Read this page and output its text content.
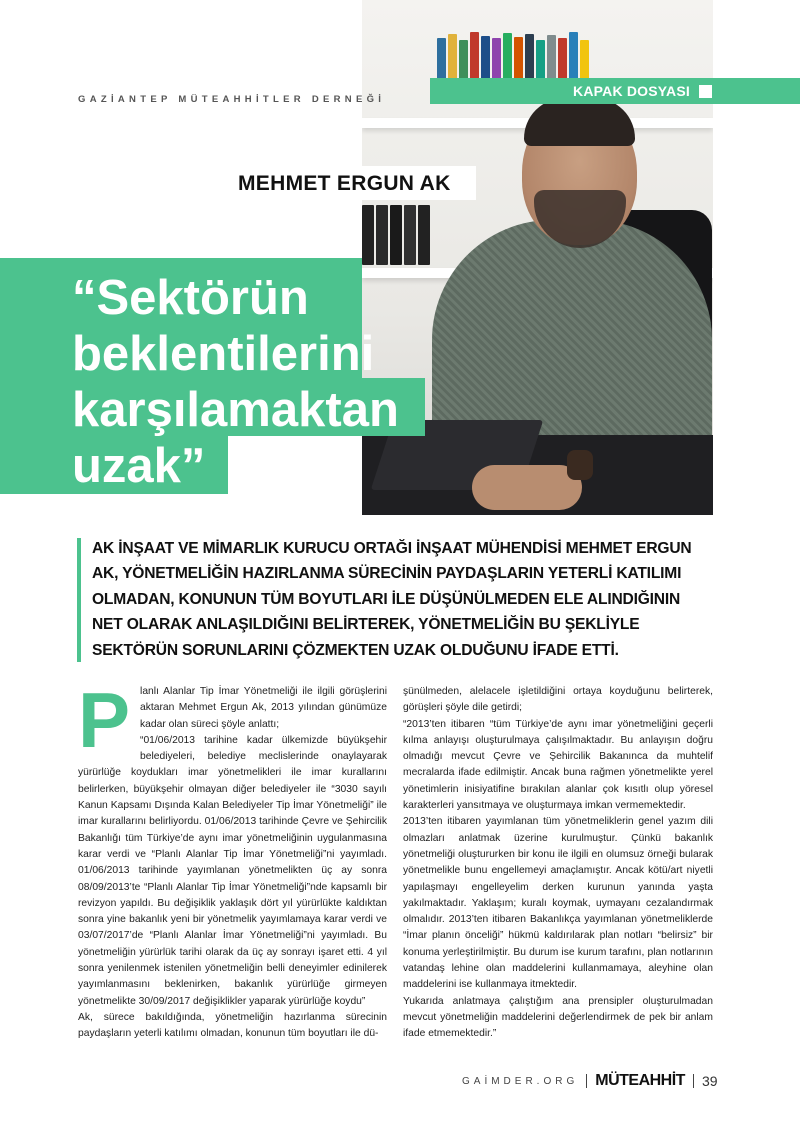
GAZİANTEP MÜTEAHHİTLER DERNEĞİ
KAPAK DOSYASI
MEHMET ERGUN AK
“Sektörün beklentilerini karşılamaktan uzak”
AK İNŞAAT VE MİMARLIK KURUCU ORTAĞI İNŞAAT MÜHENDİSİ MEHMET ERGUN AK, YÖNETMELİĞİN HAZIRLANMA SÜRECİNİN PAYDAŞLARIN YETERLİ KATILIMI OLMADAN, KONUNUN TÜM BOYUTLARI İLE DÜŞÜNÜLMEDEN ELE ALINDIĞININ NET OLARAK ANLAŞILDIĞINI BELİRTEREK, YÖNETMELİĞİN BU ŞEKLİYLE SEKTÖRÜN SORUNLARINI ÇÖZMEKTEN UZAK OLDUĞUNU İFADE ETTİ.
P lanlı Alanlar Tip İmar Yönetmeliği ile ilgili görüşlerini aktaran Mehmet Ergun Ak, 2013 yılından günümüze kadar olan süreci şöyle anlattı;

“01/06/2013 tarihine kadar ülkemizde büyükşehir belediyeleri, belediye meclislerinde onaylayarak yürürlüğe koydukları imar yönetmelikleri ile imar kurallarını belirlerken, büyükşehir olmayan diğer belediyeler ile “3030 sayılı Kanun Kapsamı Dışında Kalan Belediyeler Tip İmar Yönetmeliği” ile imar kurallarını belirliyordu. 01/06/2013 tarihinde Çevre ve Şehircilik Bakanlığı tüm Türkiye’de aynı imar yönetmeliğinin uygulanmasına karar verdi ve “Planlı Alanlar Tip İmar Yönetmeliği”ni yayımladı. 01/06/2013 tarihinde yayımlanan yönetmelikten üç ay sonra 08/09/2013’te “Planlı Alanlar Tip İmar Yönetmeliği”nde kapsamlı bir revizyon yapıldı. Bu değişiklik yaklaşık dört yıl yürürlükte kaldıktan sonra yine bakanlık yeni bir yönetmelik yayımlamaya karar verdi ve 03/07/2017’de “Planlı Alanlar İmar Yönetmeliği”ni yayımladı. Bu yönetmeliğin yürürlük tarihi olarak da üç ay sonrayı işaret etti. 4 yıl sonra yenilenmek istenilen yönetmeliğin belli deneyimler edinilerek yayımlanmasını beklenirken, bakanlık yürürlüğe girmeyen yönetmelikte 30/09/2017 değişiklikler yaparak yürürlüğe koydu”

Ak, sürece bakıldığında, yönetmeliğin hazırlanma sürecinin paydaşların yeterli katılımı olmadan, konunun tüm boyutları ile dü-

şünülmeden, alelacele işletildiğini ortaya koyduğunu belirterek, görüşleri şöyle dile getirdi;

“2013’ten itibaren “tüm Türkiye’de aynı imar yönetmeliğini geçerli kılma anlayışı oluşturulmaya çalışılmaktadır. Bu anlayışın doğru olmadığı mevcut Çevre ve Şehircilik Bakanınca da muhtelif mecralarda ifade edilmiştir. Ancak buna rağmen yönetmelikte yerel yönetimlerin inisiyatifine bırakılan alanlar çok kısıtlı olup yöresel karakterleri yansıtmaya ve oluşturmaya imkan vermemektedir.

2013’ten itibaren yayımlanan tüm yönetmeliklerin genel yazım dili olmazları anlatmak üzerine kurulmuştur. Çünkü bakanlık yönetmeliği oluştururken bir konu ile ilgili en olumsuz örneği bularak yönetmelikle bunu engellemeyi amaçlamıştır. Ancak kötü/art niyetli yapılaşmayı engelleyelim derken kurunun yanında yaşta yakılmaktadır. Yaklaşım; kuralı koymak, uymayanı cezalandırmak olmalıdır. 2013’ten itibaren Bakanlıkça yayımlanan yönetmeliklerde “İmar planın önceliği” hükmü kaldırılarak plan notları “belirsiz” bir konuma yerleştirilmiştir. Bu durum ise kurum tarafını, plan notlarının vatandaş lehine olan maddelerini kullanmamaya, aleyhine olan maddelerini ise kullanmaya itmektedir.

Yukarıda anlatmaya çalıştığım ana prensipler oluşturulmadan mevcut yönetmeliğin maddelerini değerlendirmek de pek bir anlam ifade etmemektedir.”

GAİMDER.ORG MÜTEAHHİT 39
